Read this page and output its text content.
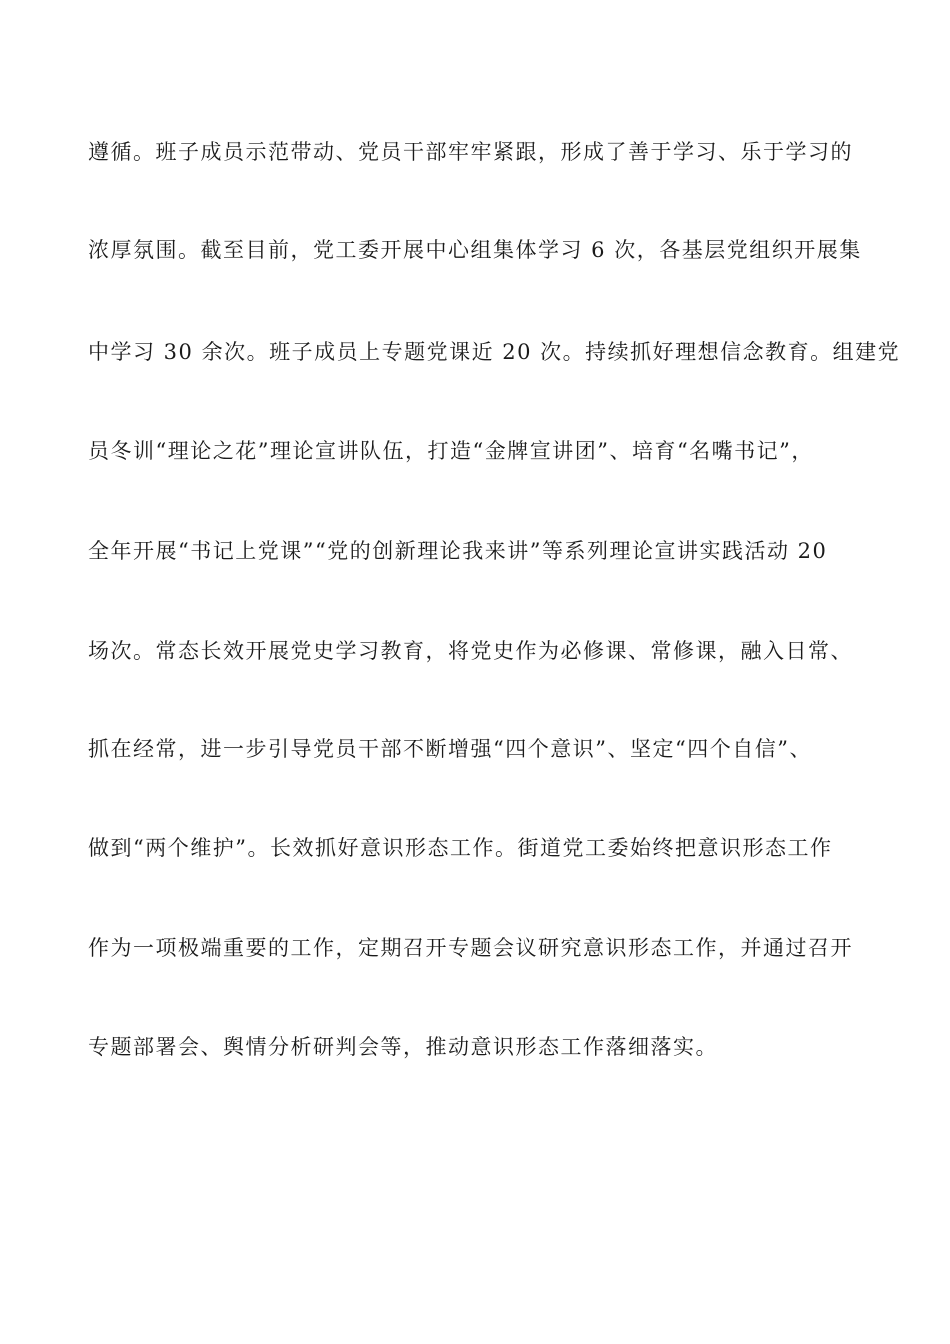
遵循。班子成员示范带动、党员干部牢牢紧跟，形成了善于学习、乐于学习的
浓厚氛围。截至目前，党工委开展中心组集体学习 6 次，各基层党组织开展集
中学习 30 余次。班子成员上专题党课近 20 次。持续抓好理想信念教育。组建党
员冬训“理论之花”理论宣讲队伍，打造“金牌宣讲团”、培育“名嘴书记”，
全年开展“书记上党课”“党的创新理论我来讲”等系列理论宣讲实践活动 20
场次。常态长效开展党史学习教育，将党史作为必修课、常修课，融入日常、
抓在经常，进一步引导党员干部不断增强“四个意识”、坚定“四个自信”、
做到“两个维护”。长效抓好意识形态工作。街道党工委始终把意识形态工作
作为一项极端重要的工作，定期召开专题会议研究意识形态工作，并通过召开
专题部署会、舆情分析研判会等，推动意识形态工作落细落实。
